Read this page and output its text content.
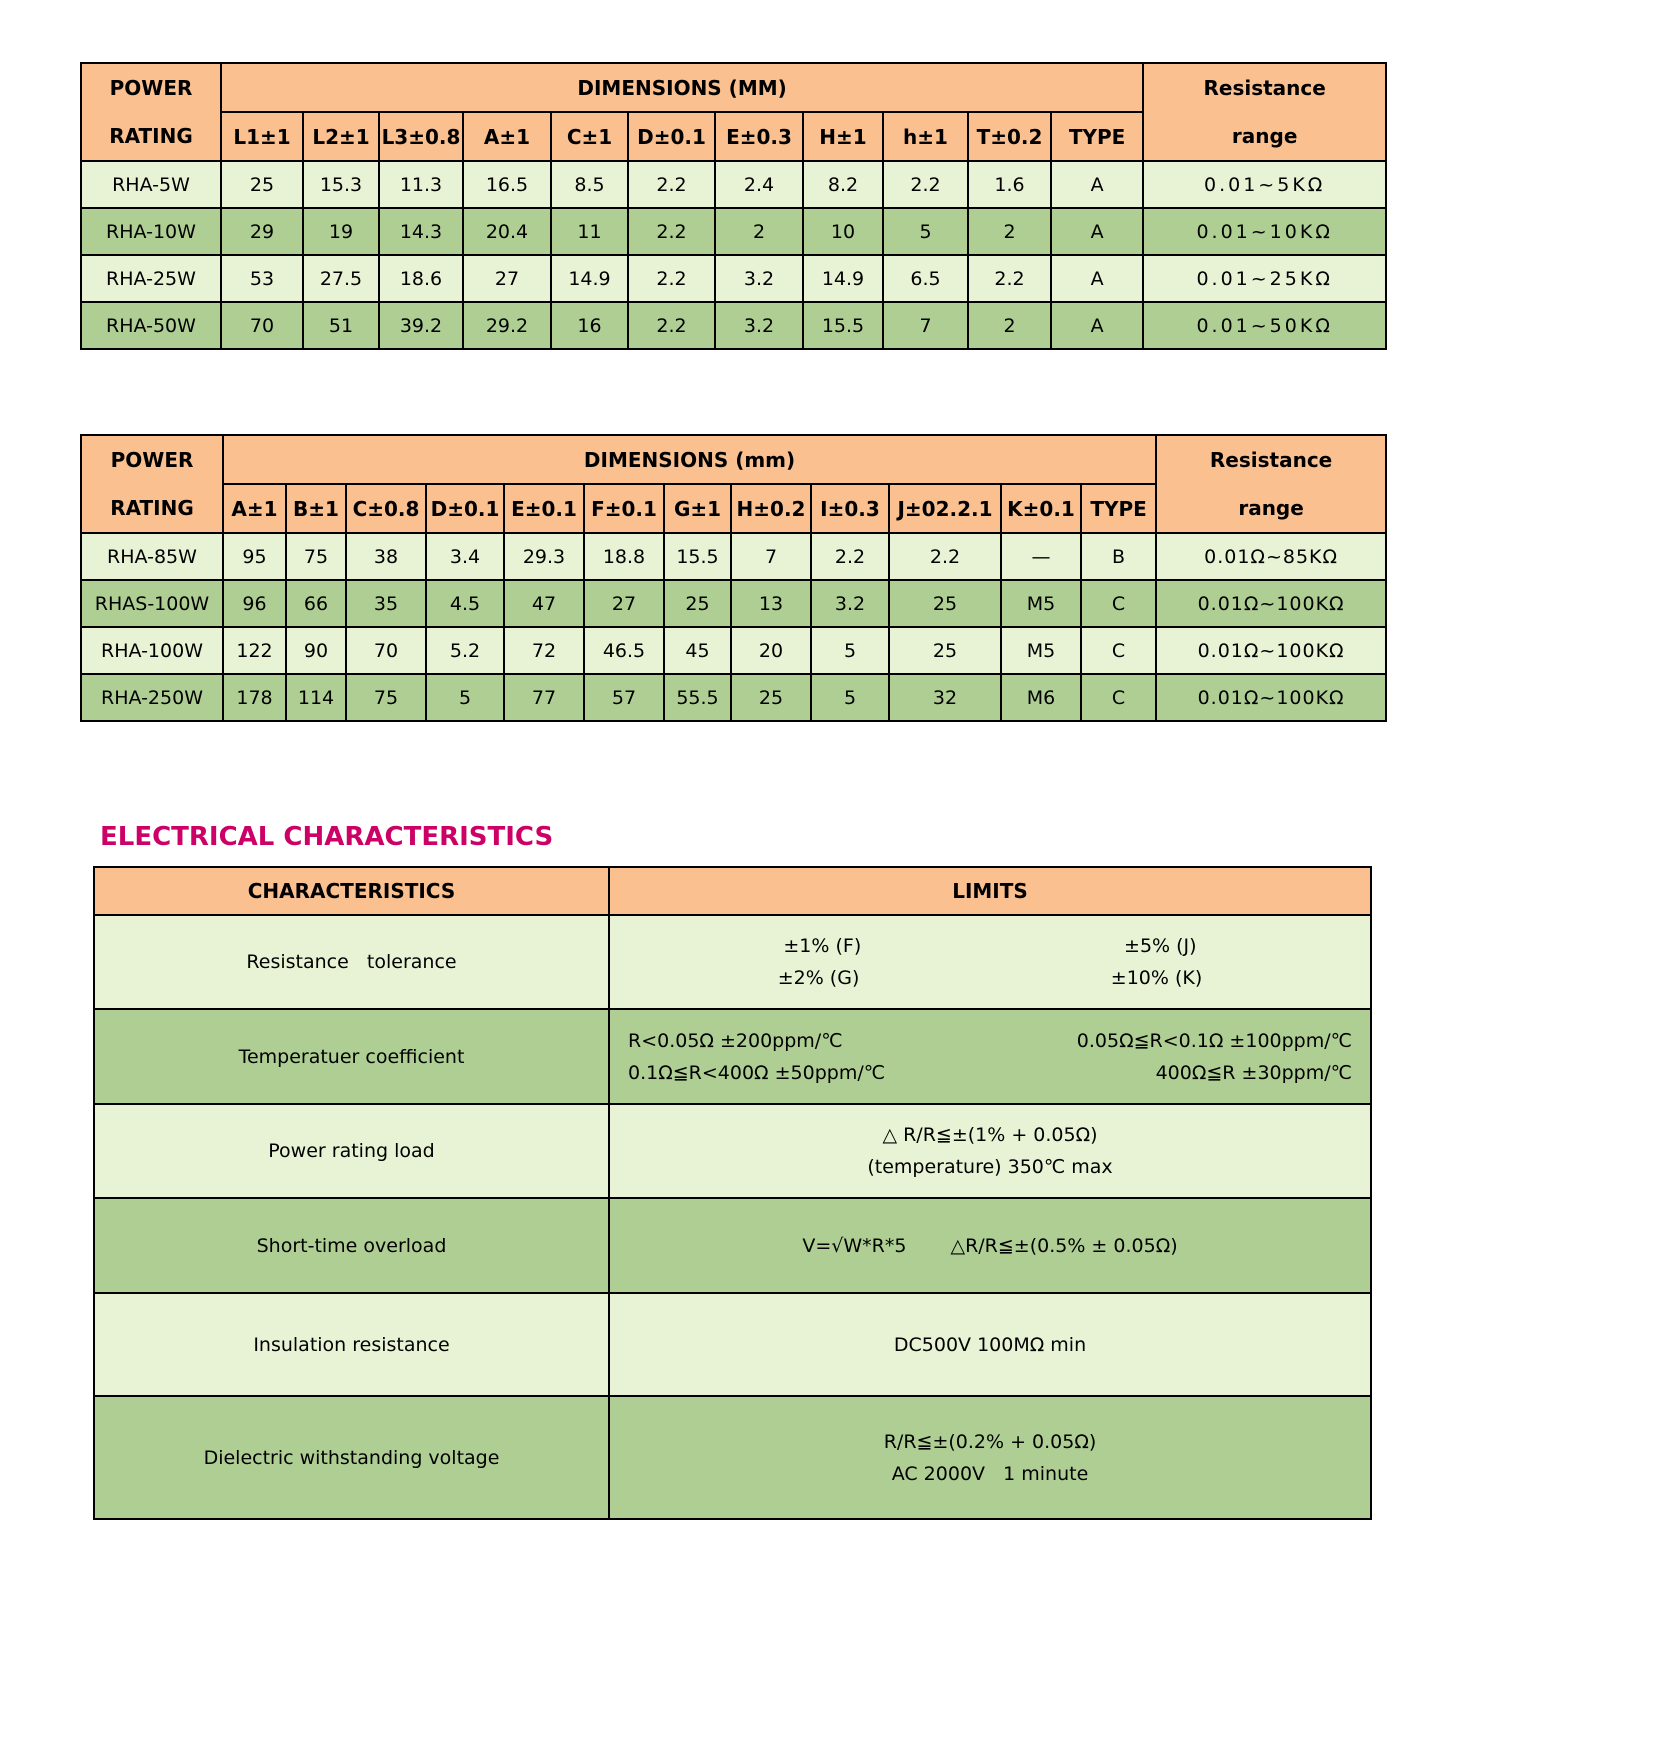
POWER
RATING
	DIMENSIONS (MM)	Resistance
range

	L1±1	L2±1	L3±0.8	A±1	C±1	D±0.1	E±0.3	H±1	h±1	T±0.2	TYPE	
RHA-5W	25	15.3	11.3	16.5	8.5	2.2	2.4	8.2	2.2	1.6	A	0.01~5KΩ
RHA-10W	29	19	14.3	20.4	11	2.2	2	10	5	2	A	0.01~10KΩ
RHA-25W	53	27.5	18.6	27	14.9	2.2	3.2	14.9	6.5	2.2	A	0.01~25KΩ
RHA-50W	70	51	39.2	29.2	16	2.2	3.2	15.5	7	2	A	0.01~50KΩ
POWER
RATING
	DIMENSIONS (mm)	Resistance
range

	A±1	B±1	C±0.8	D±0.1	E±0.1	F±0.1	G±1	H±0.2	I±0.3	J±02.2.1	K±0.1	TYPE	
RHA-85W	95	75	38	3.4	29.3	18.8	15.5	7	2.2	2.2	—	B	0.01Ω~85KΩ
RHAS-100W	96	66	35	4.5	47	27	25	13	3.2	25	M5	C	0.01Ω~100KΩ
RHA-100W	122	90	70	5.2	72	46.5	45	20	5	25	M5	C	0.01Ω~100KΩ
RHA-250W	178	114	75	5	77	57	55.5	25	5	32	M6	C	0.01Ω~100KΩ
ELECTRICAL CHARACTERISTICS
CHARACTERISTICS	LIMITS
Resistance   tolerance	±1% (F) ±5% (J)
±2% (G) ±10% (K)

Temperatuer coefficient	R<0.05Ω ±200ppm/℃ 0.05Ω≦R<0.1Ω ±100ppm/℃
0.1Ω≦R<400Ω ±50ppm/℃ 400Ω≦R ±30ppm/℃

Power rating load	△ R/R≦±(1% + 0.05Ω)
(temperature) 350℃ max

Short-time overload	V=√W*R*5 △R/R≦±(0.5% ± 0.05Ω)

Insulation resistance	DC500V 100MΩ min

Dielectric withstanding voltage	R/R≦±(0.2% + 0.05Ω)
AC 2000V   1 minute
